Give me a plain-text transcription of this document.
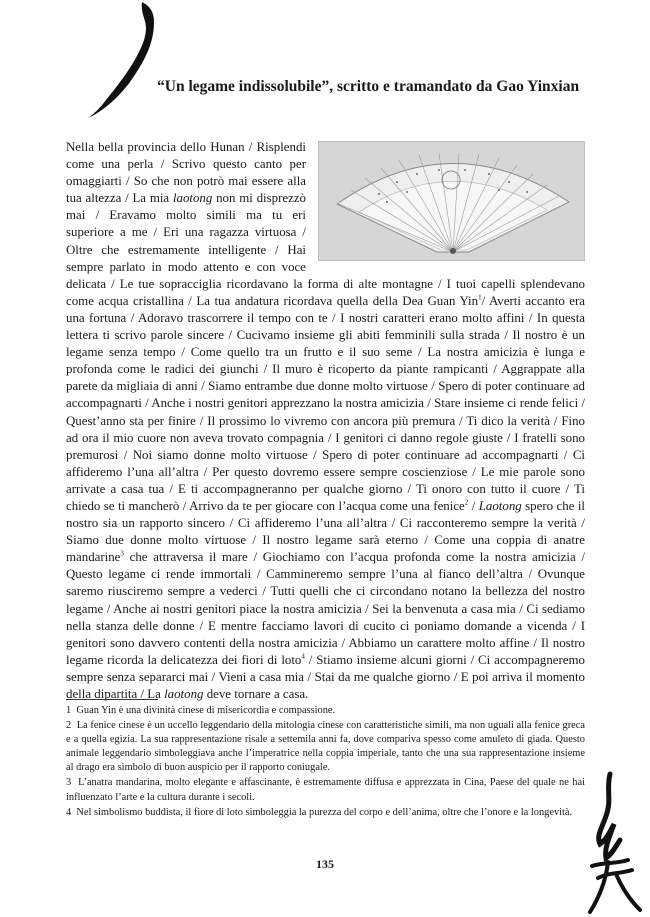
“Un legame indissolubile”, scritto e tramandato da Gao Yinxian
Nella bella provincia dello Hunan / Risplendi come una perla / Scrivo questo canto per omaggiarti / So che non potrò mai essere alla tua altezza / La mia laotong non mi disprezzò mai / Eravamo molto simili ma tu eri superiore a me / Eri una ragazza virtuosa / Oltre che estremamente intelligente / Hai sempre parlato in modo attento e con voce delicata / Le tue sopracciglia ricordavano la forma di alte montagne / I tuoi capelli splendevano come acqua cristallina / La tua andatura ricordava quella della Dea Guan Yin$^1$/ Averti accanto era una fortuna / Adoravo trascorrere il tempo con te / I nostri caratteri erano molto affini / In questa lettera ti scrivo parole sincere / Cucivamo insieme gli abiti femminili sulla strada / Il nostro è un legame senza tempo / Come quello tra un frutto e il suo seme / La nostra amicizia è lunga e profonda come le radici dei giunchi / Il muro è ricoperto da piante rampicanti / Aggrappate alla parete da migliaia di anni / Siamo entrambe due donne molto virtuose / Spero di poter continuare ad accompagnarti / Anche i nostri genitori apprezzano la nostra amicizia / Stare insieme ci rende felici / Quest’anno sta per finire / Il prossimo lo vivremo con ancora più premura / Ti dico la verità / Fino ad ora il mio cuore non aveva trovato compagnia / I genitori ci danno regole giuste / I fratelli sono premurosi / Noi siamo donne molto virtuose / Spero di poter continuare ad accompagnarti / Ci affideremo l’una all’altra / Per questo dovremo essere sempre coscienziose / Le mie parole sono arrivate a casa tua / E ti accompagneranno per qualche giorno / Ti onoro con tutto il cuore / Ti chiedo se ti mancherò / Arrivo da te per giocare con l’acqua come una fenice$^2$ / Laotong spero che il nostro sia un rapporto sincero / Ci affideremo l’una all’altra / Ci racconteremo sempre la verità / Siamo due donne molto virtuose / Il nostro legame sarà eterno / Come una coppia di anatre mandarine$^3$ che attraversa il mare / Giochiamo con l’acqua profonda come la nostra amicizia / Questo legame ci rende immortali / Cammineremo sempre l’una al fianco dell’altra / Ovunque saremo riusciremo sempre a vederci / Tutti quelli che ci circondano notano la bellezza del nostro legame / Anche ai nostri genitori piace la nostra amicizia / Sei la benvenuta a casa mia / Ci sediamo nella stanza delle donne / E mentre facciamo lavori di cucito ci poniamo domande a vicenda / I genitori sono davvero contenti della nostra amicizia / Abbiamo un carattere molto affine / Il nostro legame ricorda la delicatezza dei fiori di loto$^4$ / Stiamo insieme alcuni giorni / Ci accompagneremo sempre senza separarci mai / Vieni a casa mia / Stai da me qualche giorno / E poi arriva il momento della dipartita / La laotong deve tornare a casa.

1 Guan Yin è una divinità cinese di misericordia e compassione.

2 La fenice cinese è un uccello leggendario della mitologia cinese con caratteristiche simili, ma non uguali alla fenice greca e a quella egizia. La sua rappresentazione risale a settemila anni fa, dove compariva spesso come amuleto di giada. Questo animale leggendario simboleggiava anche l’imperatrice nella coppia imperiale, tanto che una sua rappresentazione insieme al drago era simbolo di buon auspicio per il rapporto coniugale.

3 L’anatra mandarina, molto elegante e affascinante, è estremamente diffusa e apprezzata in Cina, Paese del quale ne hai influenzato l’arte e la cultura durante i secoli.

4 Nel simbolismo buddista, il fiore di loto simboleggia la purezza del corpo e dell’anima, oltre che l’onore e la longevità.

135
